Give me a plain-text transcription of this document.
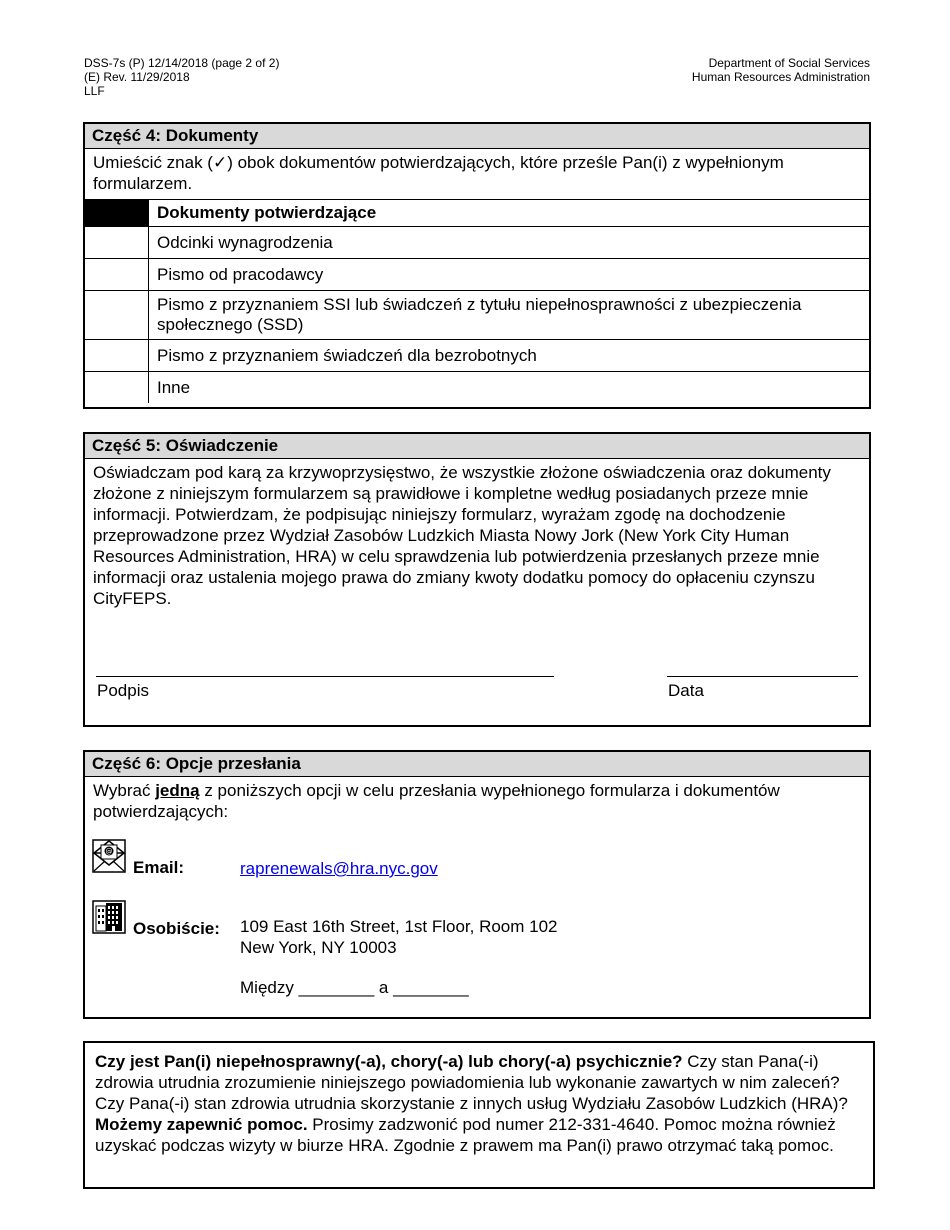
DSS-7s (P) 12/14/2018 (page 2 of 2)
(E) Rev. 11/29/2018
LLF
Department of Social Services
Human Resources Administration
Część 4: Dokumenty
Umieścić znak (✓) obok dokumentów potwierdzających, które prześle Pan(i) z wypełnionym formularzem.
	Dokumenty potwierdzające
	Odcinki wynagrodzenia
	Pismo od pracodawcy
	Pismo z przyznaniem SSI lub świadczeń z tytułu niepełnosprawności z ubezpieczenia społecznego (SSD)
	Pismo z przyznaniem świadczeń dla bezrobotnych
	Inne
Część 5: Oświadczenie
Oświadczam pod karą za krzywoprzysięstwo, że wszystkie złożone oświadczenia oraz dokumenty złożone z niniejszym formularzem są prawidłowe i kompletne według posiadanych przeze mnie informacji. Potwierdzam, że podpisując niniejszy formularz, wyrażam zgodę na dochodzenie przeprowadzone przez Wydział Zasobów Ludzkich Miasta Nowy Jork (New York City Human Resources Administration, HRA) w celu sprawdzenia lub potwierdzenia przesłanych przeze mnie informacji oraz ustalenia mojego prawa do zmiany kwoty dodatku pomocy do opłaceniu czynszu CityFEPS.
Podpis	Data
Część 6: Opcje przesłania
Wybrać jedną z poniższych opcji w celu przesłania wypełnionego formularza i dokumentów potwierdzających:
@
Email:	raprenewals@hra.nyc.gov
Osobiście: 109 East 16th Street, 1st Floor, Room 102
New York, NY 10003
Między ________ a ________
Czy jest Pan(i) niepełnosprawny(-a), chory(-a) lub chory(-a) psychicznie? Czy stan Pana(-i) zdrowia utrudnia zrozumienie niniejszego powiadomienia lub wykonanie zawartych w nim zaleceń? Czy Pana(-i) stan zdrowia utrudnia skorzystanie z innych usług Wydziału Zasobów Ludzkich (HRA)? Możemy zapewnić pomoc. Prosimy zadzwonić pod numer 212-331-4640. Pomoc można również uzyskać podczas wizyty w biurze HRA. Zgodnie z prawem ma Pan(i) prawo otrzymać taką pomoc.
